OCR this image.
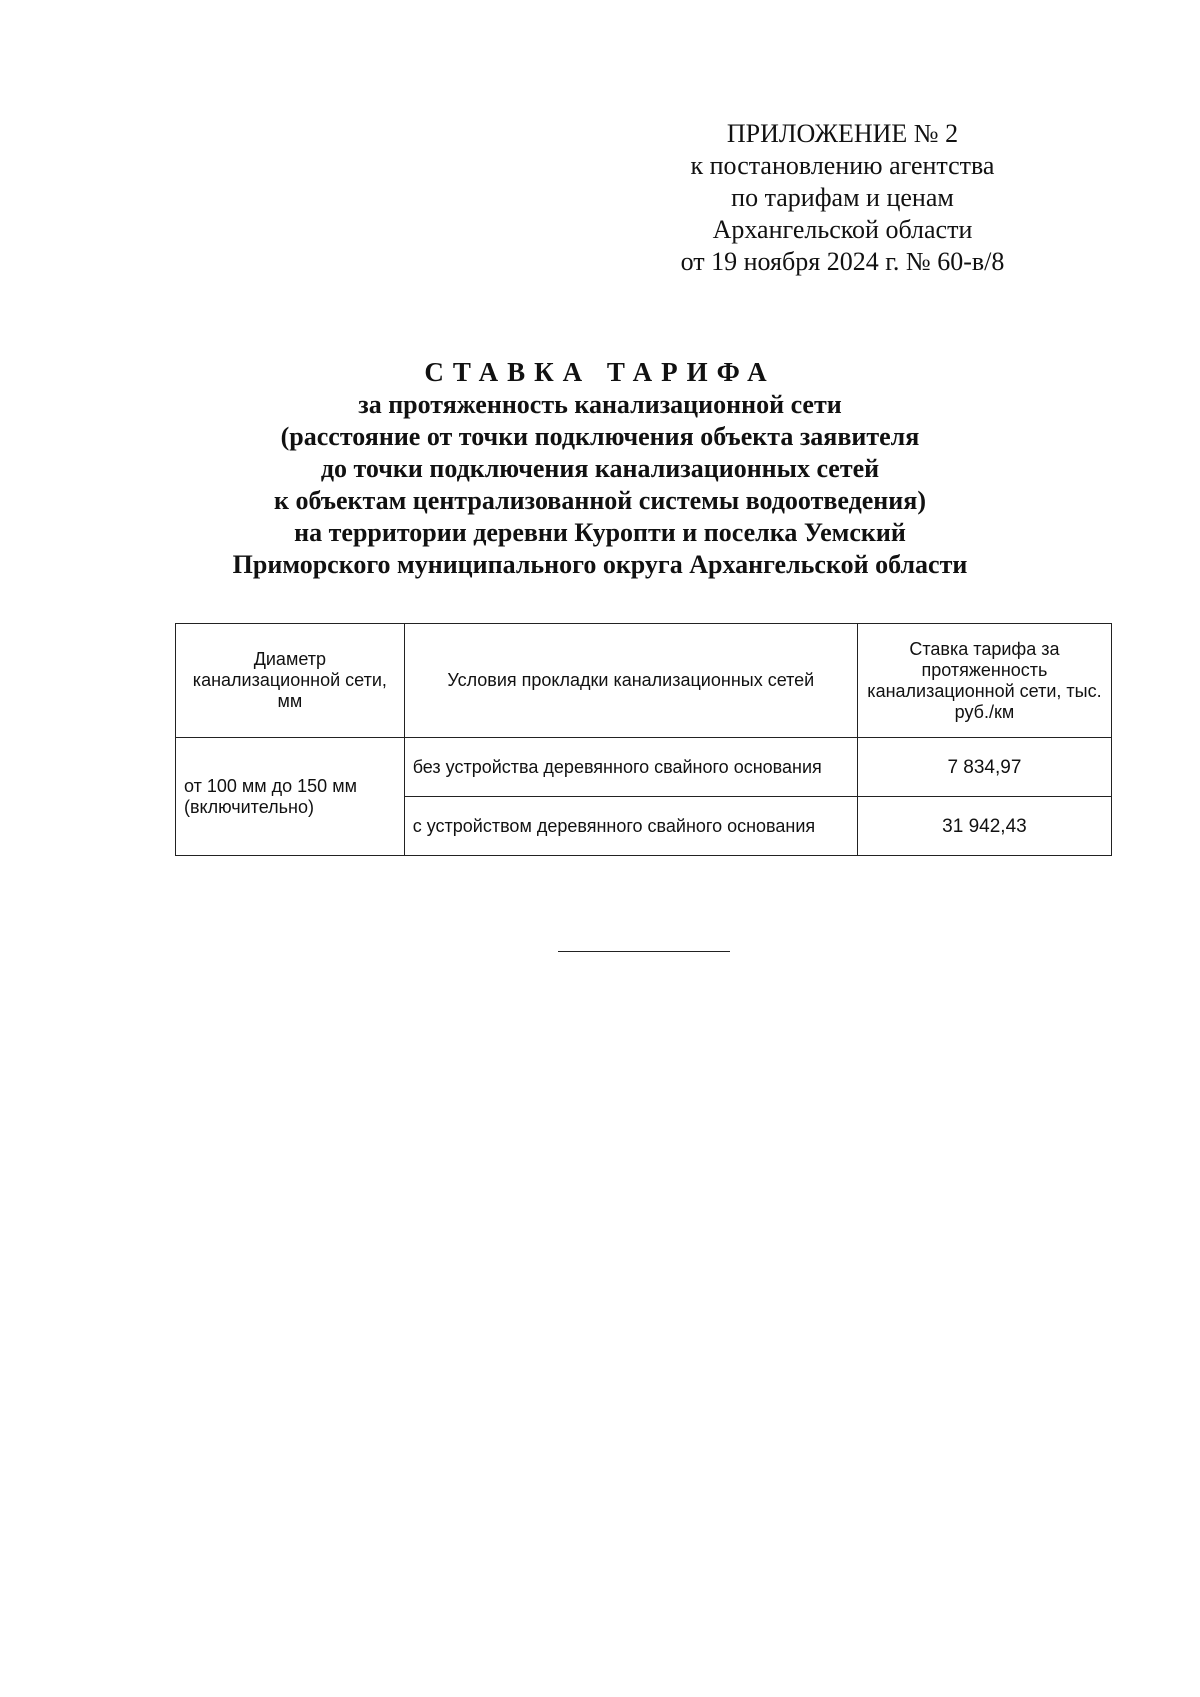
ПРИЛОЖЕНИЕ № 2
к постановлению агентства
по тарифам и ценам
Архангельской области
от 19 ноября 2024 г. № 60-в/8
СТАВКА ТАРИФА
за протяженность канализационной сети
(расстояние от точки подключения объекта заявителя
до точки подключения канализационных сетей
к объектам централизованной системы водоотведения)
на территории деревни Куропти и поселка Уемский
Приморского муниципального округа Архангельской области
Диаметр канализационной сети, мм	Условия прокладки канализационных сетей	Ставка тарифа за протяженность канализационной сети, тыс. руб./км
от 100 мм до 150 мм (включительно)	без устройства деревянного свайного основания	7 834,97
	с устройством деревянного свайного основания	31 942,43
